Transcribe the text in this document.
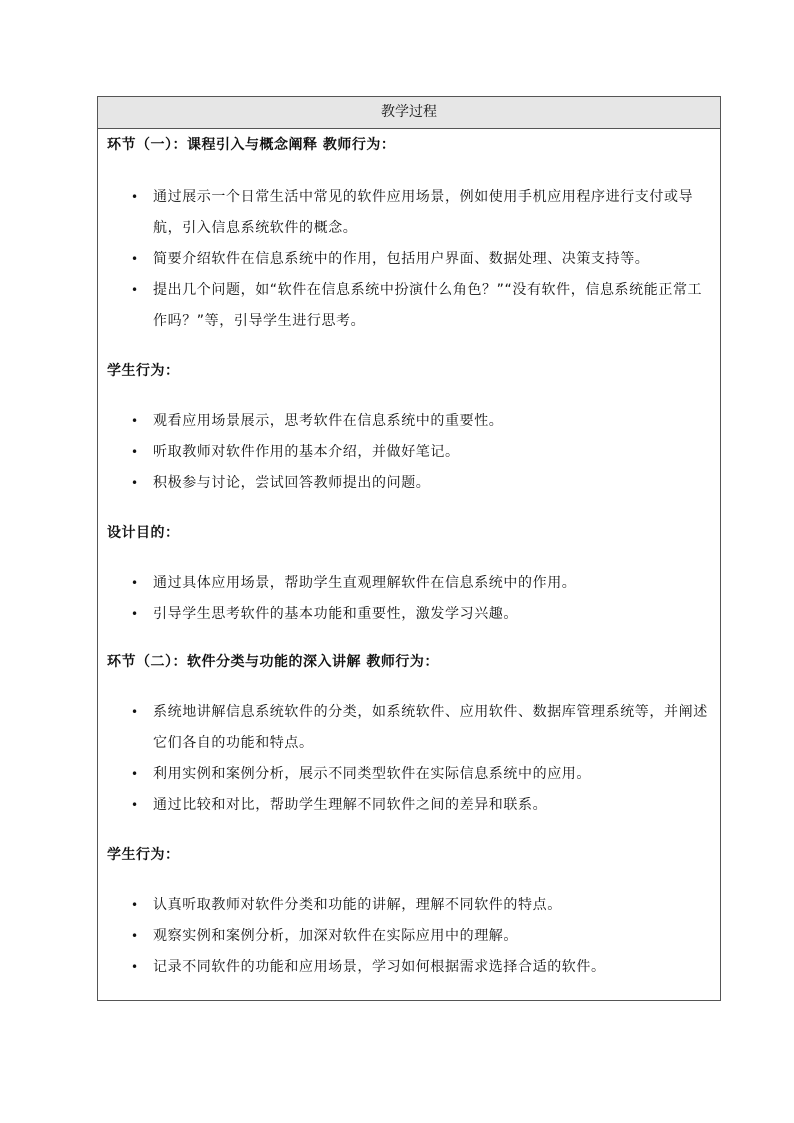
教学过程
环节（一）：课程引入与概念阐释 教师行为：
• 通过展示一个日常生活中常见的软件应用场景，例如使用手机应用程序进行支付或导航，引入信息系统软件的概念。
• 简要介绍软件在信息系统中的作用，包括用户界面、数据处理、决策支持等。
• 提出几个问题，如“软件在信息系统中扮演什么角色？”“没有软件，信息系统能正常工作吗？”等，引导学生进行思考。
学生行为：
• 观看应用场景展示，思考软件在信息系统中的重要性。
• 听取教师对软件作用的基本介绍，并做好笔记。
• 积极参与讨论，尝试回答教师提出的问题。
设计目的：
• 通过具体应用场景，帮助学生直观理解软件在信息系统中的作用。
• 引导学生思考软件的基本功能和重要性，激发学习兴趣。
环节（二）：软件分类与功能的深入讲解 教师行为：
• 系统地讲解信息系统软件的分类，如系统软件、应用软件、数据库管理系统等，并阐述它们各自的功能和特点。
• 利用实例和案例分析，展示不同类型软件在实际信息系统中的应用。
• 通过比较和对比，帮助学生理解不同软件之间的差异和联系。
学生行为：
• 认真听取教师对软件分类和功能的讲解，理解不同软件的特点。
• 观察实例和案例分析，加深对软件在实际应用中的理解。
• 记录不同软件的功能和应用场景，学习如何根据需求选择合适的软件。
